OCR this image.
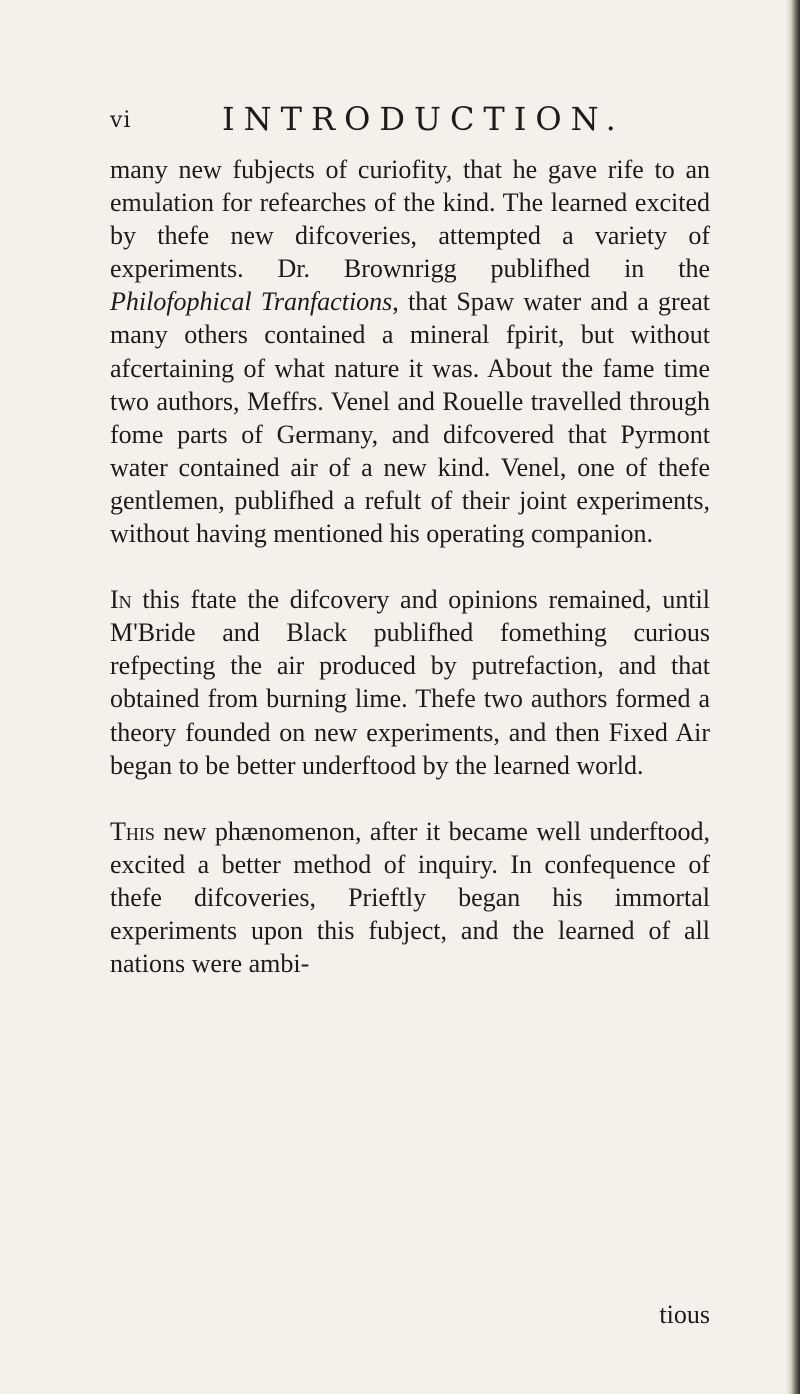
vi	INTRODUCTION.

many new fubjects of curiofity, that he gave rife to an emulation for refearches of the kind. The learned excited by thefe new difcoveries, attempted a variety of experiments. Dr. Brownrigg publifhed in the Philofophical Tranfactions, that Spaw water and a great many others contained a mineral fpirit, but without afcertaining of what nature it was. About the fame time two authors, Meffrs. Venel and Rouelle travelled through fome parts of Germany, and difcovered that Pyrmont water contained air of a new kind. Venel, one of thefe gentlemen, publifhed a refult of their joint experiments, without having mentioned his operating companion.

In this ftate the difcovery and opinions remained, until M'Bride and Black publifhed fomething curious refpecting the air produced by putrefaction, and that obtained from burning lime. Thefe two authors formed a theory founded on new experiments, and then Fixed Air began to be better underftood by the learned world.

This new phænomenon, after it became well underftood, excited a better method of inquiry. In confequence of thefe difcoveries, Prieftly began his immortal experiments upon this fubject, and the learned of all nations were ambi-

tious
